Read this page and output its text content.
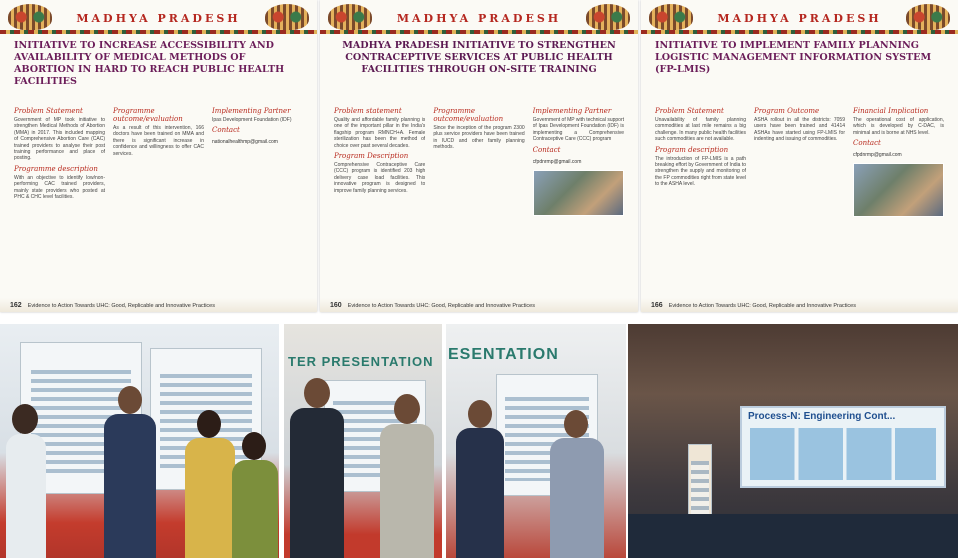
MADHYA PRADESH
INITIATIVE TO INCREASE ACCESSIBILITY AND AVAILABILITY OF MEDICAL METHODS OF ABORTION IN HARD TO REACH PUBLIC HEALTH FACILITIES
Problem Statement

Government of MP took initiative to strengthen Medical Methods of Abortion (MMA) in 2017. This included mapping of Comprehensive Abortion Care (CAC) trained providers to analyse their post training performance and place of posting.

Programme description

With an objective to identify low/non-performing CAC trained providers, mainly state providers who posted at PHC & CHC level facilities.

Programme outcome/evaluation

As a result of this intervention, 166 doctors have been trained on MMA and there is significant increase in confidence and willingness to offer CAC services.

Implementing Partner

Ipas Development Foundation (IDF)

Contact

nationalhealthmp@gmail.com

162 Evidence to Action Towards UHC: Good, Replicable and Innovative Practices
MADHYA PRADESH
MADHYA PRADESH INITIATIVE TO STRENGTHEN CONTRACEPTIVE SERVICES AT PUBLIC HEALTH FACILITIES THROUGH ON-SITE TRAINING
Problem statement

Quality and affordable family planning is one of the important pillar in the India's flagship program RMNCH+A. Female sterilization has been the method of choice over past several decades.

Program Description

Comprehensive Contraceptive Care (CCC) program is identified 203 high delivery case load facilities. This innovative program is designed to improve family planning services.

Programme outcome/evaluation

Since the inception of the program 2300 plus service providers have been trained in IUCD and other family planning methods.

Implementing Partner

Government of MP with technical support of Ipas Development Foundation (IDF) is implementing a Comprehensive Contraceptive Care (CCC) program

Contact

cfpdnrmp@gmail.com

160 Evidence to Action Towards UHC: Good, Replicable and Innovative Practices
MADHYA PRADESH
INITIATIVE TO IMPLEMENT FAMILY PLANNING LOGISTIC MANAGEMENT INFORMATION SYSTEM (FP-LMIS)
Problem Statement

Unavailability of family planning commodities at last mile remains a big challenge. In many public health facilities such commodities are not available.

Program description

The introduction of FP-LMIS is a path breaking effort by Government of India to strengthen the supply and monitoring of the FP commodities right from state level to the ASHA level.

Program Outcome

ASHA rollout in all the districts: 7059 users have been trained and 41414 ASHAs have started using FP-LMIS for indenting and issuing of commodities.

Financial Implication

The operational cost of application, which is developed by C-DAC, is minimal and is borne at NHS level.

Contact

cfpdnrmp@gmail.com

166 Evidence to Action Towards UHC: Good, Replicable and Innovative Practices
TER PRESENTATION ESENTATION
Process-N: Engineering Cont...
